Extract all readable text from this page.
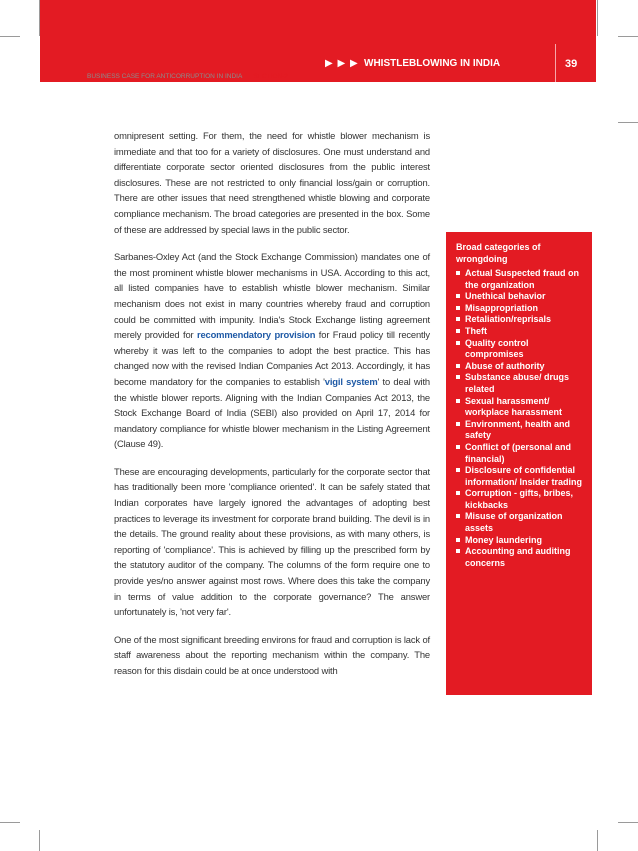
▶ ▶ ▶ WHISTLEBLOWING IN INDIA	39
BUSINESS CASE FOR ANTICORRUPTION IN INDIA SECTION-2

omnipresent setting. For them, the need for whistle blower mechanism is immediate and that too for a variety of disclosures. One must understand and differentiate corporate sector oriented disclosures from the public interest disclosures. These are not restricted to only financial loss/gain or corruption. There are other issues that need strengthened whistle blowing and corporate compliance mechanism. The broad categories are presented in the box. Some of these are addressed by special laws in the public sector.

Sarbanes-Oxley Act (and the Stock Exchange Commission) mandates one of the most prominent whistle blower mechanisms in USA. According to this act, all listed companies have to establish whistle blower mechanism. Similar mechanism does not exist in many countries whereby fraud and corruption could be committed with impunity. India's Stock Exchange listing agreement merely provided for recommendatory provision for Fraud policy till recently whereby it was left to the companies to adopt the best practice. This has changed now with the revised Indian Companies Act 2013. Accordingly, it has become mandatory for the companies to establish 'vigil system' to deal with the whistle blower reports. Aligning with the Indian Companies Act 2013, the Stock Exchange Board of India (SEBI) also provided on April 17, 2014 for mandatory compliance for whistle blower mechanism in the Listing Agreement (Clause 49).

These are encouraging developments, particularly for the corporate sector that has traditionally been more 'compliance oriented'. It can be safely stated that Indian corporates have largely ignored the advantages of adopting best practices to leverage its investment for corporate brand building. The devil is in the details. The ground reality about these provisions, as with many others, is reporting of 'compliance'. This is achieved by filling up the prescribed form by the statutory auditor of the company. The columns of the form require one to provide yes/no answer against most rows. Where does this take the company in terms of value addition to the corporate governance? The answer unfortunately is, 'not very far'.

One of the most significant breeding environs for fraud and corruption is lack of staff awareness about the reporting mechanism within the company. The reason for this disdain could be at once understood with

Broad categories of wrongdoing
Actual Suspected fraud on the organization
Unethical behavior
Misappropriation
Retaliation/reprisals
Theft
Quality control compromises
Abuse of authority
Substance abuse/ drugs related
Sexual harassment/ workplace harassment
Environment, health and safety
Conflict of (personal and financial)
Disclosure of confidential information/ Insider trading
Corruption - gifts, bribes, kickbacks
Misuse of organization assets
Money laundering
Accounting and auditing concerns
